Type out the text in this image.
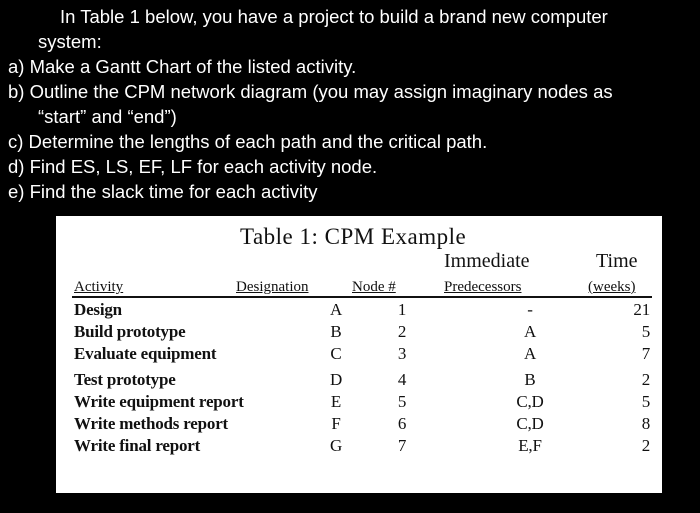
In Table 1 below, you have a project to build a brand new computer
system:
a) Make a Gantt Chart of the listed activity.
b) Outline the CPM network diagram (you may assign imaginary nodes as
“start” and “end”)
c) Determine the lengths of each path and the critical path.
d) Find ES, LS, EF, LF for each activity node.
e) Find the slack time for each activity
Table 1: CPM Example
Immediate	Time
Activity	Designation	Node #	Predecessors	(weeks)
Design	A	1	-	21
Build prototype	B	2	A	5
Evaluate equipment	C	3	A	7
Test prototype	D	4	B	2
Write equipment report	E	5	C,D	5
Write methods report	F	6	C,D	8
Write final report	G	7	E,F	2
